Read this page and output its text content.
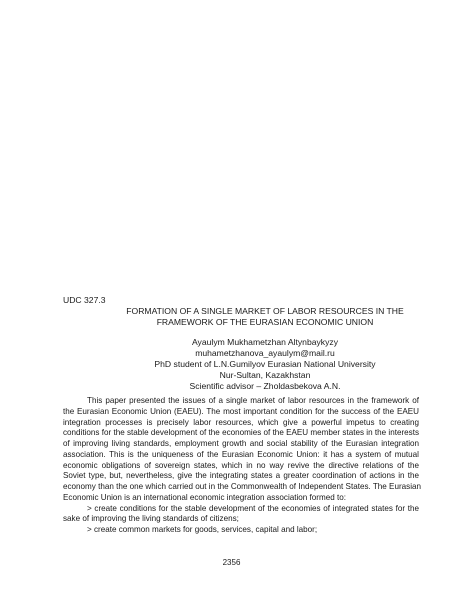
UDC 327.3

FORMATION OF A SINGLE MARKET OF LABOR RESOURCES IN THE
FRAMEWORK OF THE EURASIAN ECONOMIC UNION

Ayaulym Mukhametzhan Altynbaykyzy
muhametzhanova_ayaulym@mail.ru
PhD student of L.N.Gumilyov Eurasian National University
Nur-Sultan, Kazakhstan
Scientific advisor – Zholdasbekova A.N.

This paper presented the issues of a single market of labor resources in the framework of
the Eurasian Economic Union (EAEU). The most important condition for the success of the EAEU
integration processes is precisely labor resources, which give a powerful impetus to creating
conditions for the stable development of the economies of the EAEU member states in the interests
of improving living standards, employment growth and social stability of the Eurasian integration
association. This is the uniqueness of the Eurasian Economic Union: it has a system of mutual
economic obligations of sovereign states, which in no way revive the directive relations of the
Soviet type, but, nevertheless, give the integrating states a greater coordination of actions in the
economy than the one which carried out in the Commonwealth of Independent States. The Eurasian
Economic Union is an international economic integration association formed to:
> create conditions for the stable development of the economies of integrated states for the
sake of improving the living standards of citizens;
> create common markets for goods, services, capital and labor;

2356
